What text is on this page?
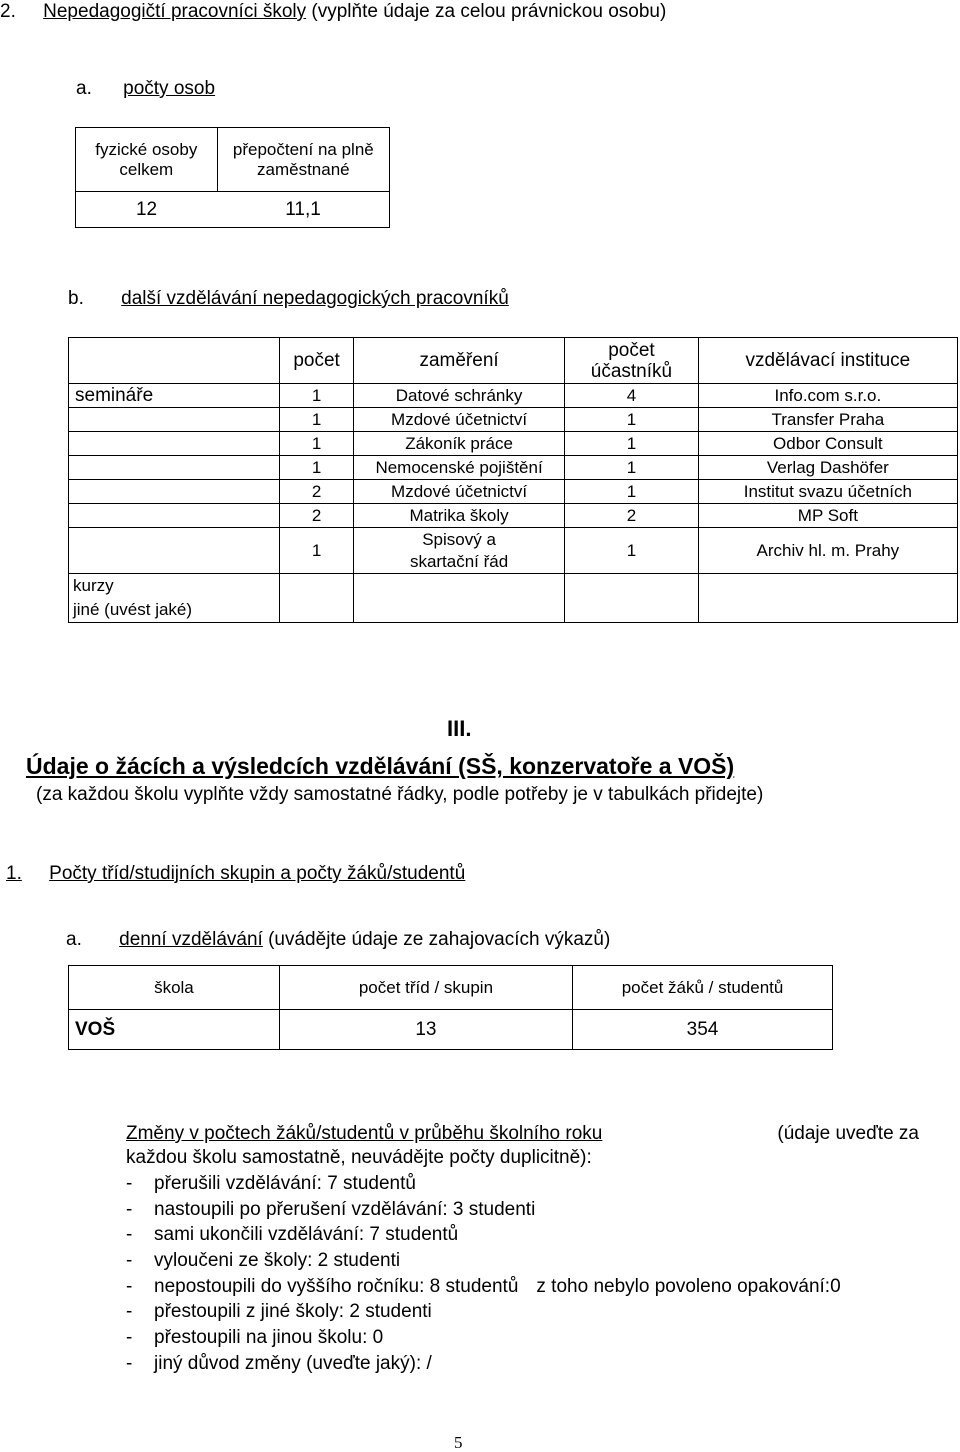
2. Nepedagogičtí pracovníci školy (vyplňte údaje za celou právnickou osobu)
a. počty osob
fyzické osoby celkem	přepočtení na plně zaměstnané
12	11,1
b. další vzdělávání nepedagogických pracovníků
	počet	zaměření	počet účastníků	vzdělávací instituce
semináře	1	Datové schránky	4	Info.com s.r.o.
	1	Mzdové účetnictví	1	Transfer Praha
	1	Zákoník práce	1	Odbor Consult
	1	Nemocenské pojištění	1	Verlag Dashöfer
	2	Mzdové účetnictví	1	Institut svazu účetních
	2	Matrika školy	2	MP Soft
	1	Spisový a skartační řád	1	Archiv hl. m. Prahy

kurzy
jiné (uvést jaké)				

III.
Údaje o žácích a výsledcích vzdělávání (SŠ, konzervatoře a VOŠ)
(za každou školu vyplňte vždy samostatné řádky, podle potřeby je v tabulkách přidejte)
1. Počty tříd/studijních skupin a počty žáků/studentů
a. denní vzdělávání (uvádějte údaje ze zahajovacích výkazů)
škola	počet tříd / skupin	počet žáků / studentů
VOŠ	13	354
Změny v počtech žáků/studentů v průběhu školního roku	(údaje uveďte za
každou školu samostatně, neuvádějte počty duplicitně):
- přerušili vzdělávání: 7 studentů
- nastoupili po přerušení vzdělávání: 3 studenti
- sami ukončili vzdělávání: 7 studentů
- vyloučeni ze školy: 2 studenti
- nepostoupili do vyššího ročníku: 8 studentů z toho nebylo povoleno opakování:0
- přestoupili z jiné školy: 2 studenti
- přestoupili na jinou školu: 0
- jiný důvod změny (uveďte jaký): /
5
